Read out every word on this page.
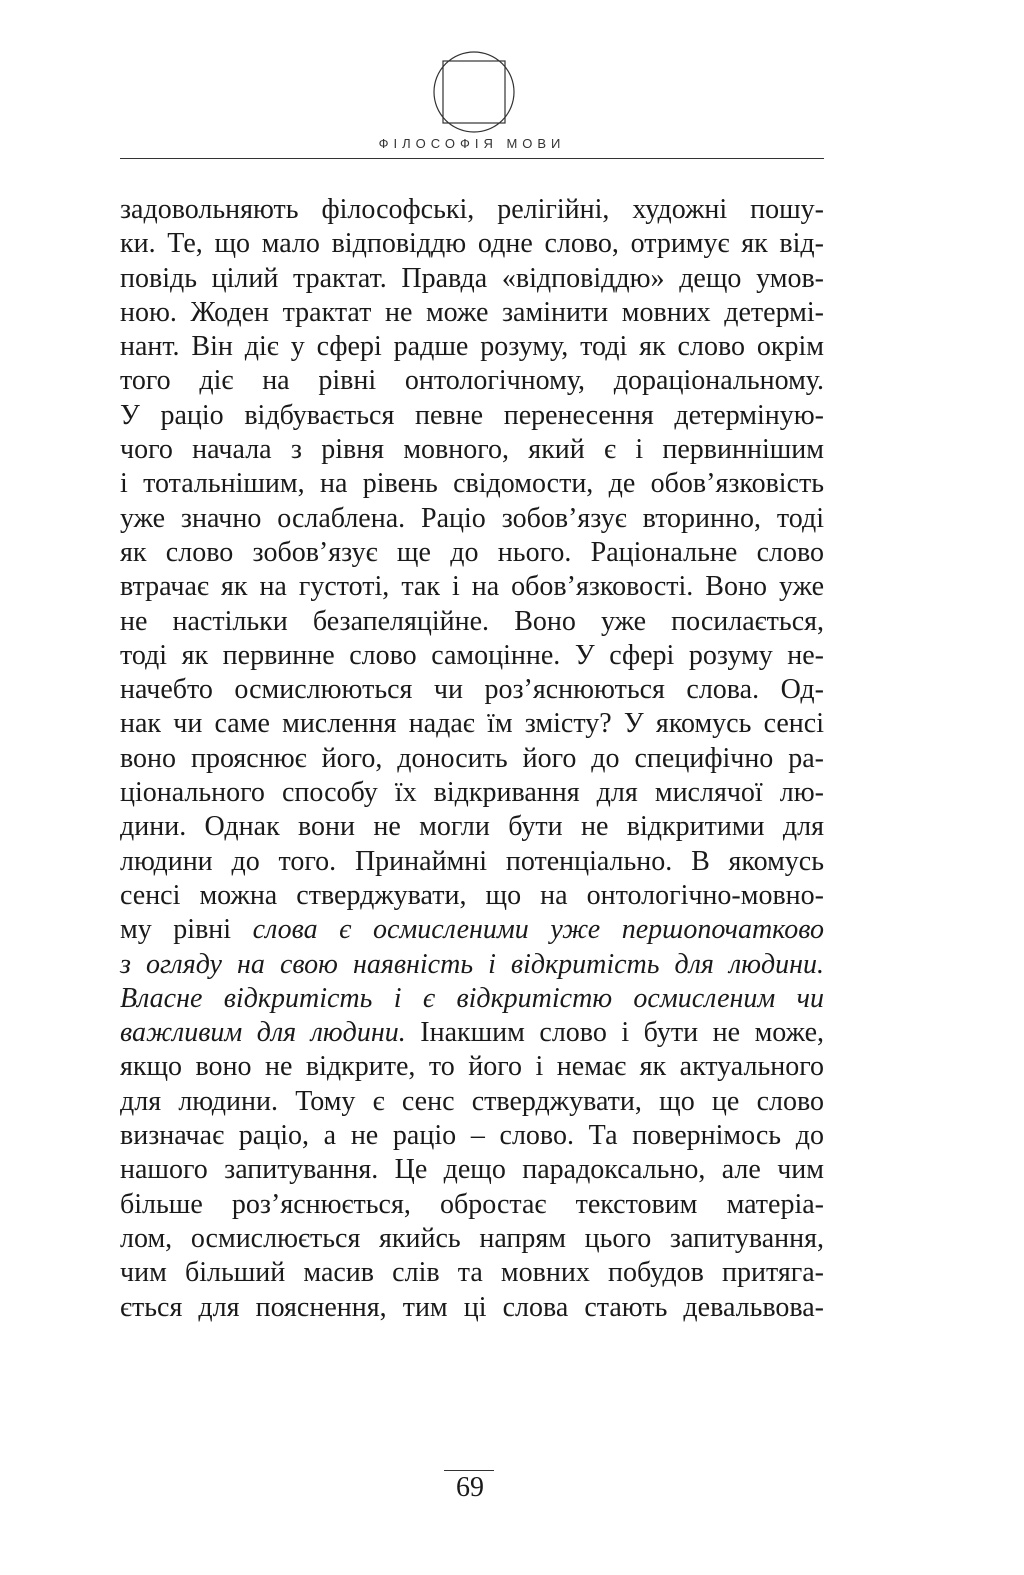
ФІЛОСОФІЯ МОВИ
задовольняють філософські, релігійні, художні пошу-
ки. Те, що мало відповіддю одне слово, отримує як від-
повідь цілий трактат. Правда «відповіддю» дещо умов-
ною. Жоден трактат не може замінити мовних детермі-
нант. Він діє у сфері радше розуму, тоді як слово окрім
того діє на рівні онтологічному, дораціональному.
У раціо відбувається певне перенесення детерміную-
чого начала з рівня мовного, який є і первиннішим
і тотальнішим, на рівень свідомости, де обов’язковість
уже значно ослаблена. Раціо зобов’язує вторинно, тоді
як слово зобов’язує ще до нього. Раціональне слово
втрачає як на густоті, так і на обов’язковості. Воно уже
не настільки безапеляційне. Воно уже посилається,
тоді як первинне слово самоцінне. У сфері розуму не-
начебто осмислюються чи роз’яснюються слова. Од-
нак чи саме мислення надає їм змісту? У якомусь сенсі
воно прояснює його, доносить його до специфічно ра-
ціонального способу їх відкривання для мислячої лю-
дини. Однак вони не могли бути не відкритими для
людини до того. Принаймні потенціально. В якомусь
сенсі можна стверджувати, що на онтологічно-мовно-
му рівні слова є осмисленими уже першопочатково
з огляду на свою наявність і відкритість для людини.
Власне відкритість і є відкритістю осмисленим чи
важливим для людини. Інакшим слово і бути не може,
якщо воно не відкрите, то його і немає як актуального
для людини. Тому є сенс стверджувати, що це слово
визначає раціо, а не раціо – слово. Та повернімось до
нашого запитування. Це дещо парадоксально, але чим
більше роз’яснюється, обростає текстовим матеріа-
лом, осмислюється якийсь напрям цього запитування,
чим більший масив слів та мовних побудов притяга-
ється для пояснення, тим ці слова стають девальвова-
69
